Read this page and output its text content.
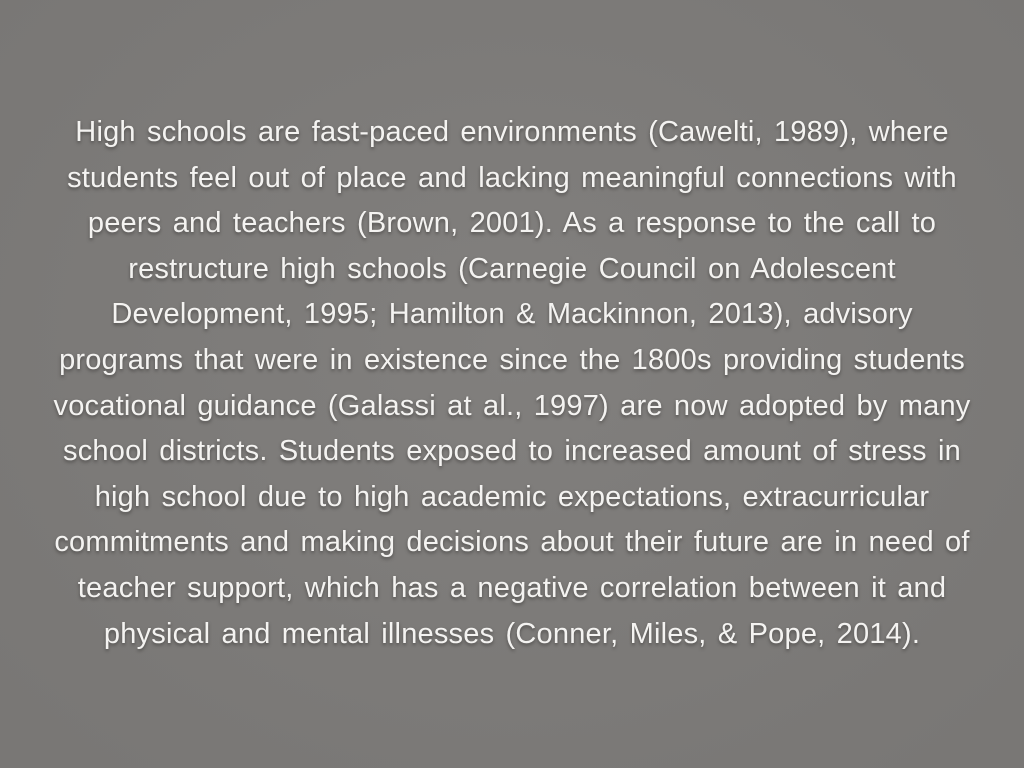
High schools are fast-paced environments (Cawelti, 1989), where
students feel out of place and lacking meaningful connections with
peers and teachers (Brown, 2001). As a response to the call to
restructure high schools (Carnegie Council on Adolescent
Development, 1995; Hamilton & Mackinnon, 2013), advisory
programs that were in existence since the 1800s providing students
vocational guidance (Galassi at al., 1997) are now adopted by many
school districts. Students exposed to increased amount of stress in
high school due to high academic expectations, extracurricular
commitments and making decisions about their future are in need of
teacher support, which has a negative correlation between it and
physical and mental illnesses (Conner, Miles, & Pope, 2014).
